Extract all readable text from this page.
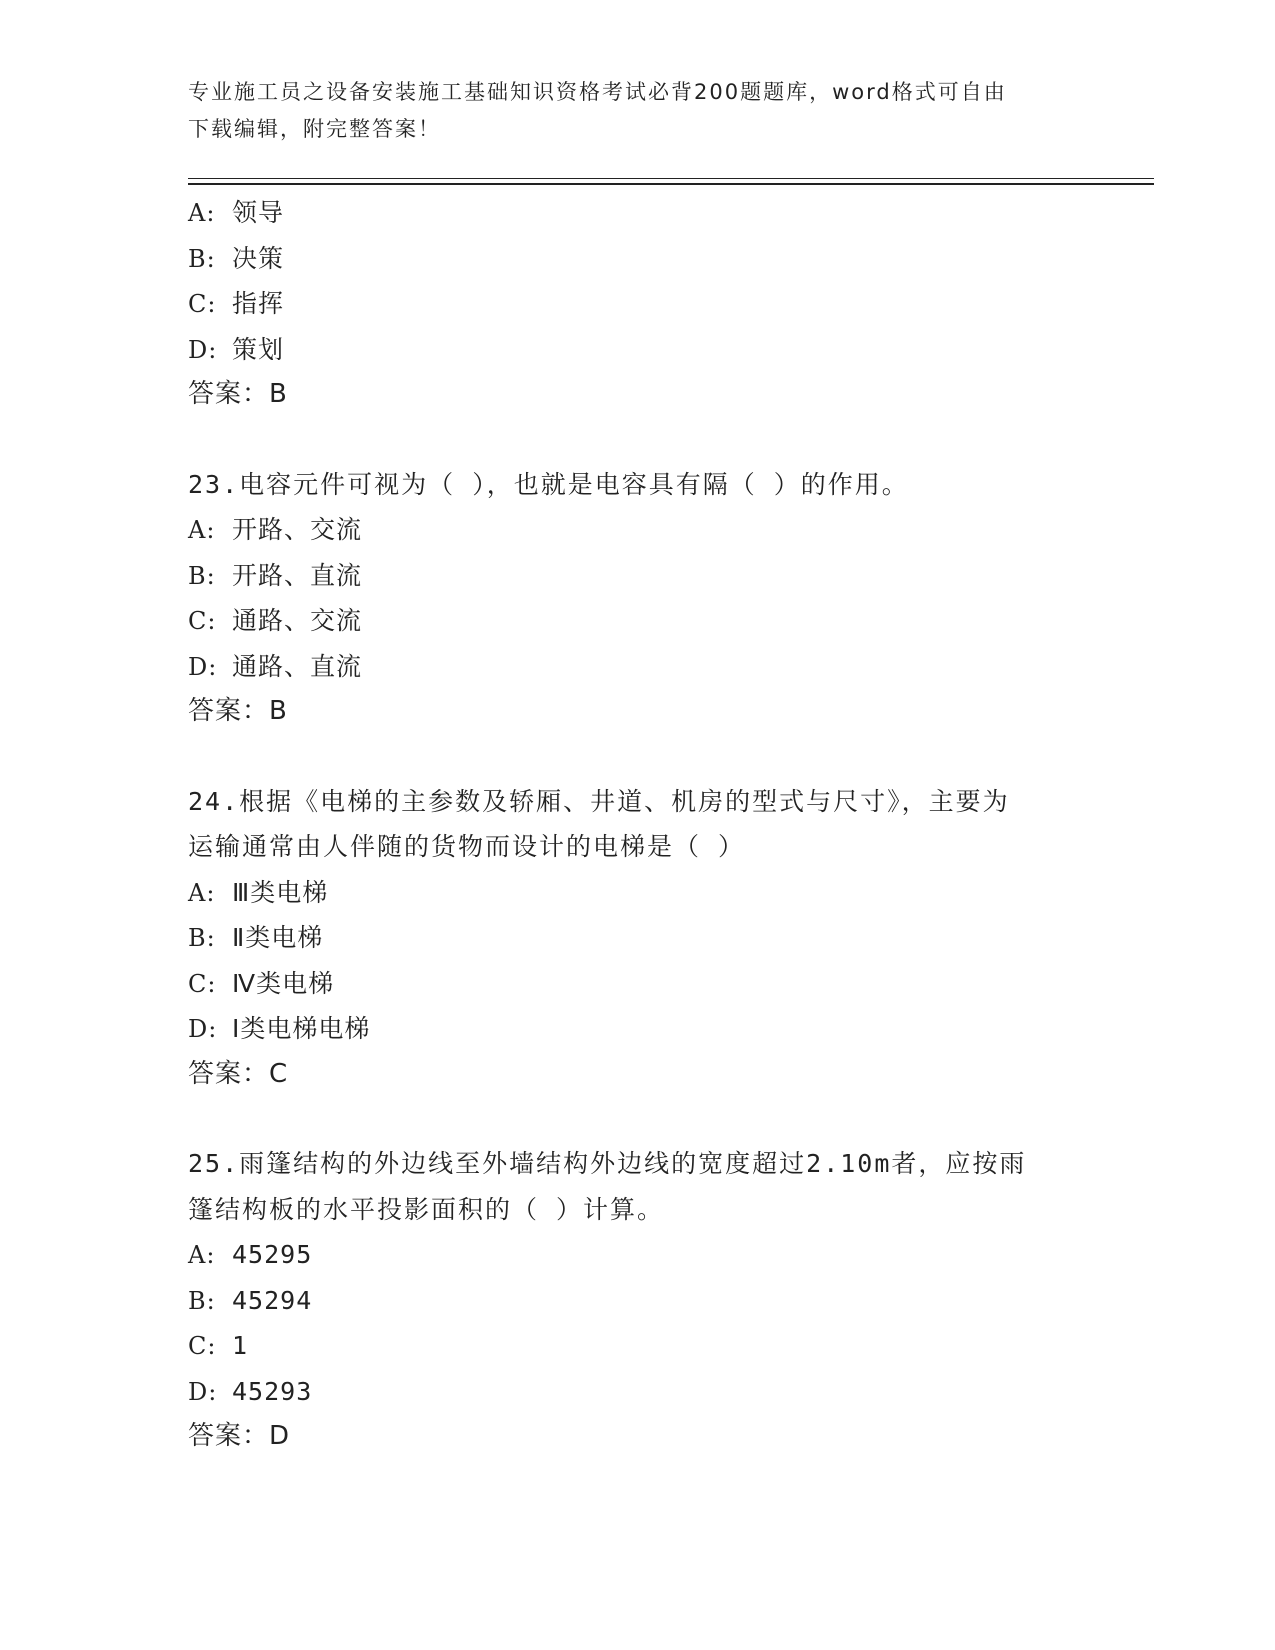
专业施工员之设备安装施工基础知识资格考试必背200题题库，word格式可自由
下载编辑，附完整答案！
A: 领导
B: 决策
C: 指挥
D: 策划
答案：B
23.电容元件可视为（ ），也就是电容具有隔（ ）的作用。
A: 开路、交流
B: 开路、直流
C: 通路、交流
D: 通路、直流
答案：B
24.根据《电梯的主参数及轿厢、井道、机房的型式与尺寸》，主要为
运输通常由人伴随的货物而设计的电梯是（ ）
A: Ⅲ类电梯
B: Ⅱ类电梯
C: Ⅳ类电梯
D: Ⅰ类电梯电梯
答案：C
25.雨篷结构的外边线至外墙结构外边线的宽度超过2.10m者，应按雨
篷结构板的水平投影面积的（ ）计算。
A: 45295
B: 45294
C: 1
D: 45293
答案：D
